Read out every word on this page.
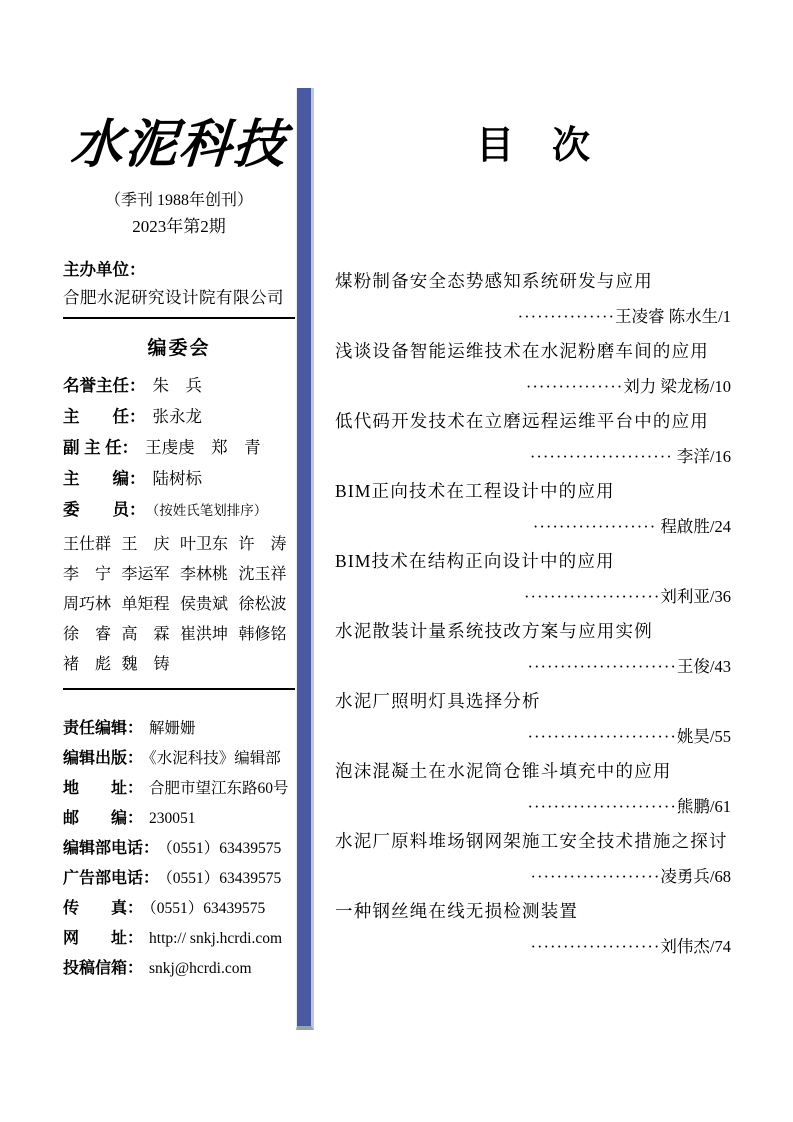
水泥科技
（季刊 1988年创刊）
2023年第2期
主办单位：
合肥水泥研究设计院有限公司
编委会
名誉主任： 朱　兵
主　　任： 张永龙
副 主 任： 王虔虔　郑　青
主　　编： 陆树标
委　　员： （按姓氏笔划排序）
王仕群 王　庆 叶卫东 许　涛
李　宁 李运军 李林桃 沈玉祥
周巧林 单矩程 侯贵斌 徐松波
徐　睿 高　霖 崔洪坤 韩修铭
褚　彪 魏　铸
责任编辑： 解姗姗
编辑出版： 《水泥科技》编辑部
地　　址： 合肥市望江东路60号
邮　　编： 230051
编辑部电话： （0551）63439575
广告部电话： （0551）63439575
传　　真： （0551）63439575
网　　址： http:// snkj.hcrdi.com
投稿信箱： snkj@hcrdi.com
目　次
煤粉制备安全态势感知系统研发与应用
···············王凌睿 陈水生/1
浅谈设备智能运维技术在水泥粉磨车间的应用
···············刘力 梁龙杨/10
低代码开发技术在立磨远程运维平台中的应用
······················ 李洋/16
BIM正向技术在工程设计中的应用
··················· 程啟胜/24
BIM技术在结构正向设计中的应用
·····················刘利亚/36
水泥散装计量系统技改方案与应用实例
·······················王俊/43
水泥厂照明灯具选择分析
·······················姚昊/55
泡沫混凝土在水泥筒仓锥斗填充中的应用
·······················熊鹏/61
水泥厂原料堆场钢网架施工安全技术措施之探讨
····················凌勇兵/68
一种钢丝绳在线无损检测装置
····················刘伟杰/74
